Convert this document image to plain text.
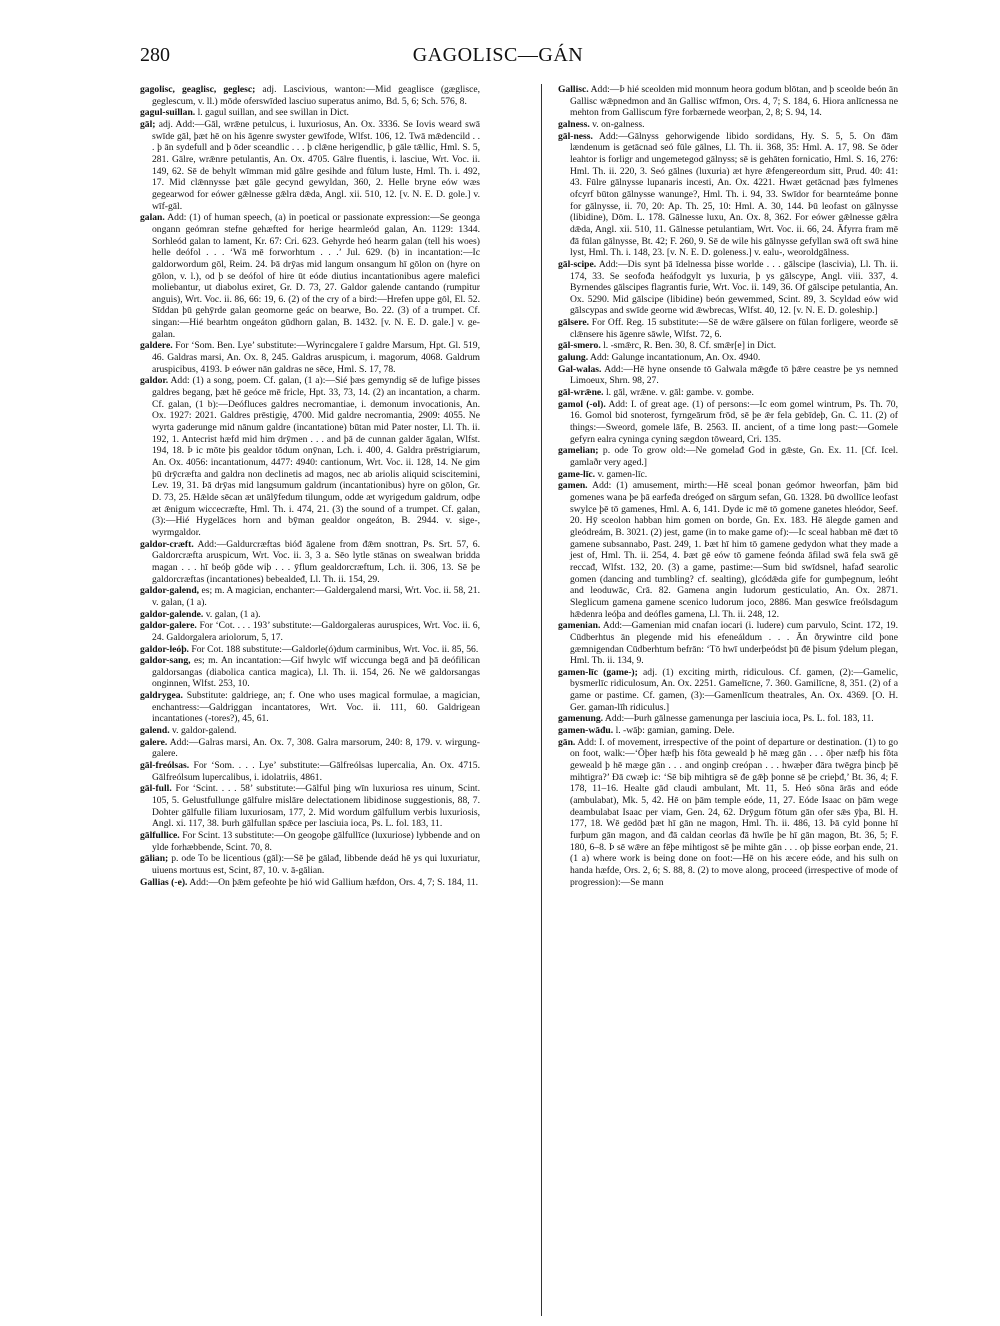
280	GAGOLISC—GÁN

gagolisc, geaglisc, geglesc; adj. Lascivious, wanton:—Mid geaglisce (gæglisce, geglescum, v. ll.) mōde oferswīded lasciuo superatus animo, Bd. 5, 6; Sch. 576, 8.

gagul-suillan. l. gagul suillan, and see swillan in Dict.

gāl; adj. Add:—Gāl, wrǣne petulcus, i. luxuriosus, An. Ox. 3336. Se Iovis weard swā swīde gāl, þæt hē on his āgenre swyster gewīfode, Wlfst. 106, 12. Twā mǣdencild . . . þ ān sydefull and þ ōder sceandlic . . . þ clǣne herigendlic, þ gāle tǣllic, Hml. S. 5, 281. Gālre, wrǣnre petulantis, An. Ox. 4705. Gālre fluentis, i. lasciue, Wrt. Voc. ii. 149, 62. Sē de behylt wīmman mid gālre gesihde and fūlum luste, Hml. Th. i. 492, 17. Mid clǣnnysse þæt gāle gecynd gewyldan, 360, 2. Helle bryne eów wæs gegearwod for eówer gǣlnesse gǣlra dǣda, Angl. xii. 510, 12. [v. N. E. D. gole.] v. wīf-gāl.

galan. Add: (1) of human speech, (a) in poetical or passionate expression:—Se geonga ongann geómran stefne gehæfted for herige hearmleód galan, An. 1129: 1344. Sorhleód galan to lament, Kr. 67: Cri. 623. Gehyrde heó hearm galan (tell his woes) helle deófol . . . ‘Wā mē forworhtum . . .’ Jul. 629. (b) in incantation:—Ic galdorwordum gōl, Reim. 24. Þā drȳas mid langum onsangum hī gōlon on (hyre on gōlon, v. l.), od þ se deófol of hire ūt eóde diutius incantationibus agere malefici moliebantur, ut diabolus exiret, Gr. D. 73, 27. Galdor galende cantando (rumpitur anguis), Wrt. Voc. ii. 86, 66: 19, 6. (2) of the cry of a bird:—Hrefen uppe gōl, El. 52. Sīddan þū gehȳrde galan geomorne geác on bearwe, Bo. 22. (3) of a trumpet. Cf. singan:—Hié bearhtm ongeáton gūdhorn galan, B. 1432. [v. N. E. D. gale.] v. ge-galan.

galdere. For ‘Som. Ben. Lye’ substitute:—Wyrincgalere ī galdre Marsum, Hpt. Gl. 519, 46. Galdras marsi, An. Ox. 8, 245. Galdras aruspicum, i. magorum, 4068. Galdrum aruspicibus, 4193. Þ eówer nān galdras ne sēce, Hml. S. 17, 78.

galdor. Add: (1) a song, poem. Cf. galan, (1 a):—Sié þæs gemyndig sē de lufige þisses galdres begang, þæt hē geóce mē fricle, Hpt. 33, 73, 14. (2) an incantation, a charm. Cf. galan, (1 b):—Deófluces galdres necromantiae, i. demonum invocationis, An. Ox. 1927: 2021. Galdres prēstigię, 4700. Mid galdre necromantia, 2909: 4055. Ne wyrta gaderunge mid nānum galdre (incantatione) būtan mid Pater noster, Ll. Th. ii. 192, 1. Antecrist hæfd mid him drȳmen . . . and þā de cunnan galder āgalan, Wlfst. 194, 18. Þ ic mōte þis gealdor tōdum onȳnan, Lch. i. 400, 4. Galdra prēstrigiarum, An. Ox. 4056: incantationum, 4477: 4940: cantionum, Wrt. Voc. ii. 128, 14. Ne gim þū drȳcræfta and galdra non declinetis ad magos, nec ab ariolis aliquid sciscitemini, Lev. 19, 31. Þā drȳas mid langsumum galdrum (incantationibus) hyre on gōlon, Gr. D. 73, 25. Hǣlde sēcan æt unālȳfedum tilungum, odde æt wyrigedum galdrum, odþe æt ǣnigum wiccecræfte, Hml. Th. i. 474, 21. (3) the sound of a trumpet. Cf. galan, (3):—Hié Hygelāces horn and bȳman gealdor ongeáton, B. 2944. v. sige-, wyrmgaldor.

galdor-cræft. Add:—Galdurcræftas bióđ āgalene from đǣm snottran, Ps. Srt. 57, 6. Galdorcræfta aruspicum, Wrt. Voc. ii. 3, 3 a. Sēo lytle stānas on swealwan bridda magan . . . hī beóþ gōde wiþ . . . ȳflum gealdorcræftum, Lch. ii. 306, 13. Sē þe galdorcræftas (incantationes) bebealdeđ, Ll. Th. ii. 154, 29.

galdor-galend, es; m. A magician, enchanter:—Galdergalend marsi, Wrt. Voc. ii. 58, 21. v. galan, (1 a).

galdor-galende. v. galan, (1 a).

galdor-galere. For ‘Cot. . . . 193’ substitute:—Galdorgaleras auruspices, Wrt. Voc. ii. 6, 24. Galdorgalera ariolorum, 5, 17.

galdor-leóþ. For Cot. 188 substitute:—Galdorle(ó)dum carminibus, Wrt. Voc. ii. 85, 56.

galdor-sang, es; m. An incantation:—Gif hwylc wīf wiccunga begā and þā deófilican galdorsangas (diabolica cantica magica), Ll. Th. ii. 154, 26. Ne wē galdorsangas onginnen, Wlfst. 253, 10.

galdrygea. Substitute: galdriege, an; f. One who uses magical formulae, a magician, enchantress:—Galdriggan incantatores, Wrt. Voc. ii. 111, 60. Galdrigean incantationes (-tores?), 45, 61.

galend. v. galdor-galend.

galere. Add:—Galras marsi, An. Ox. 7, 308. Galra marsorum, 240: 8, 179. v. wirgung-galere.

gāl-freólsas. For ‘Som. . . . Lye’ substitute:—Gālfreólsas lupercalia, An. Ox. 4715. Gālfreólsum lupercalibus, i. idolatriis, 4861.

gāl-full. For ‘Scint. . . . 58’ substitute:—Gālful þing wīn luxuriosa res uinum, Scint. 105, 5. Gelustfullunge gālfulre mislāre delectationem libidinose suggestionis, 88, 7. Dohter gālfulle filiam luxuriosam, 177, 2. Mid wordum gālfullum verbis luxuriosis, Angl. xi. 117, 38. Þurh gālfullan spǣce per lasciuia ioca, Ps. L. fol. 183, 11.

gālfullice. For Scint. 13 substitute:—On geogoþe gālfullīce (luxuriose) lybbende and on ylde forhæbbende, Scint. 70, 8.

gālian; p. ode To be licentious (gāl):—Sē þe gālađ, libbende deád hē ys qui luxuriatur, uiuens mortuus est, Scint, 87, 10. v. ā-gālian.

Gallias (-e). Add:—On þǣm gefeohte þe hió wid Gallium hæfdon, Ors. 4, 7; S. 184, 11.

Gallisc. Add:—Þ hié sceolden mid monnum heora godum blōtan, and þ sceolde beón ān Gallisc wǣpnedmon and ān Gallisc wīfmon, Ors. 4, 7; S. 184, 6. Hiora anlīcnessa ne mehton from Galliscum fȳre forbærnede weorþan, 2, 8; S. 94, 14.

galness. v. on-galness.

gāl-ness. Add:—Gālnyss gehorwigende libido sordidans, Hy. S. 5, 5. On đām lændenum is getācnad seó fūle gālnes, Ll. Th. ii. 368, 35: Hml. A. 17, 98. Se ōder leahtor is forligr and ungemetegod gālnyss; sē is gehāten fornicatio, Hml. S. 16, 276: Hml. Th. ii. 220, 3. Seó gālnes (luxuria) æt hyre ǣfengereordum sitt, Prud. 40: 41: 43. Fūlre gālnysse lupanaris incesti, An. Ox. 4221. Hwæt getācnad þæs fylmenes ofcyrf būton gālnysse wanunge?, Hml. Th. i. 94, 33. Swīdor for bearnteáme þonne for gālnysse, ii. 70, 20: Ap. Th. 25, 10: Hml. A. 30, 144. Þū leofast on gālnysse (libidine), Dōm. L. 178. Gālnesse luxu, An. Ox. 8, 362. For eówer gǣlnesse gǣlra dǣda, Angl. xii. 510, 11. Gālnesse petulantiam, Wrt. Voc. ii. 66, 24. Āfyrra fram mē đā fūlan gālnysse, Bt. 42; F. 260, 9. Sē de wile his gālnysse gefyllan swā oft swā hine lyst, Hml. Th. i. 148, 23. [v. N. E. D. goleness.] v. ealu-, weoroldgālness.

gāl-scipe. Add:—Dis synt þā īdelnessa þisse worlde . . . gālscipe (lascivia), Ll. Th. ii. 174, 33. Se seofođa heáfodgylt ys luxuria, þ ys gālscype, Angl. viii. 337, 4. Byrnendes gālscipes flagrantis furie, Wrt. Voc. ii. 149, 36. Of gālscipe petulantia, An. Ox. 5290. Mid gālscipe (libidine) beón gewemmed, Scint. 89, 3. Scyldad eów wid gālscypas and swīde georne wid ǣwbrecas, Wlfst. 40, 12. [v. N. E. D. goleship.]

gālsere. For Off. Reg. 15 substitute:—Sē de wǣre gālsere on fūlan forligere, weorđe sē clǣnsere his āgenre sāwle, Wlfst. 72, 6.

gāl-smero. l. -smǣrc, R. Ben. 30, 8. Cf. smǣr[e] in Dict.

galung. Add: Galunge incantationum, An. Ox. 4940.

Gal-walas. Add:—Hē hyne onsende tō Galwala mǣgđe tō þǣre ceastre þe ys nemned Limoeux, Shrn. 98, 27.

gāl-wrǣne. l. gāl, wrǣne. v. gāl: gambe. v. gombe.

gamol (-ol). Add: I. of great age. (1) of persons:—Ic eom gomel wintrum, Ps. Th. 70, 16. Gomol bid snoterost, fyrngeārum frōd, sē þe ǣr fela gebīdeþ, Gn. C. 11. (2) of things:—Sweord, gomele lāfe, B. 2563. II. ancient, of a time long past:—Gomele gefyrn ealra cyninga cyning sægdon tōweard, Cri. 135.

gamelian; p. ode To grow old:—Ne gomelađ God in gǣste, Gn. Ex. 11. [Cf. Icel. gamlaðr very aged.]

game-līc. v. gamen-līc.

gamen. Add: (1) amusement, mirth:—Hē sceal þonan geómor hweorfan, þām bid gomenes wana þe þā earfeđa dreógeđ on sārgum sefan, Gū. 1328. Þū dwollīce leofast swylce þē tō gamenes, Hml. A. 6, 141. Dyde ic mē tō gomene ganetes hleódor, Seef. 20. Hȳ sceolon habban him gomen on borde, Gn. Ex. 183. Hē ālegde gamen and gleódreám, B. 3021. (2) jest, game (in to make game of):—Ic sceal habban mē đæt tō gamene subsannabo, Past. 249, 1. Þæt hī him tō gamene gedydon what they made a jest of, Hml. Th. ii. 254, 4. Þæt gē eów tō gamene feónda āfilad swā fela swā gē reccađ, Wlfst. 132, 20. (3) a game, pastime:—Sum bid swīdsnel, hafađ searolic gomen (dancing and tumbling? cf. sealting), glcódǣda gife for gumþegnum, leóht and leoduwāc, Crā. 82. Gamena angin ludorum gesticulatio, An. Ox. 2871. Sleglicum gamena gamene scenico ludorum joco, 2886. Man geswīce freólsdagum hǣdenra leóþa and deófles gamena, Ll. Th. ii. 248, 12.

gamenian. Add:—Gamenian mid cnafan iocari (i. ludere) cum parvulo, Scint. 172, 19. Cūdberhtus ān plegende mid his efeneáldum . . . Ān ðrywintre cild þone gæmnigendan Cūdberhtum befrān: ‘Tō hwī underþeódst þū đē þisum ȳdelum plegan, Hml. Th. ii. 134, 9.

gamen-līc (game-); adj. (1) exciting mirth, ridiculous. Cf. gamen, (2):—Gamelic, bysmerlīc ridiculosum, An. Ox. 2251. Gamelīcne, 7. 360. Gamilīcne, 8, 351. (2) of a game or pastime. Cf. gamen, (3):—Gamenlīcum theatrales, An. Ox. 4369. [O. H. Ger. gaman-līh ridiculus.]

gamenung. Add:—Þurh gālnesse gamenunga per lasciuia ioca, Ps. L. fol. 183, 11.

gamen-wāđu. l. -wāþ: gamian, gaming. Dele.

gān. Add: I. of movement, irrespective of the point of departure or destination. (1) to go on foot, walk:—‘Ōþer hæfþ his fōta geweald þ hē mæg gān . . . ōþer næfþ his fōta geweald þ hē mæge gān . . . and onginþ creópan . . . hwæþer đāra twēgra þincþ þē mihtigra?’ Đā cwæþ ic: ‘Sē biþ mihtigra sē đe gǣþ þonne sē þe crieþđ,’ Bt. 36, 4; F. 178, 11–16. Healte gād claudi ambulant, Mt. 11, 5. Heó sōna ārās and eóde (ambulabat), Mk. 5, 42. Hē on þām temple eóde, 11, 27. Eóde Isaac on þām wege deambulabat Isaac per viam, Gen. 24, 62. Drȳgum fōtum gān ofer sǣs ȳþa, Bl. H. 177, 18. Wē gedōd þæt hī gān ne magon, Hml. Th. ii. 486, 13. Þā cyld þonne hī furþum gān magon, and đā caldan ceorlas đā hwīle þe hī gān magon, Bt. 36, 5; F. 180, 6–8. Þ sē wǣre an fēþe mihtigost sē þe mihte gān . . . oþ þisse eorþan ende, 21. (1 a) where work is being done on foot:—Hē on his æcere eóde, and his sulh on handa hæfde, Ors. 2, 6; S. 88, 8. (2) to move along, proceed (irrespective of mode of progression):—Se mann
